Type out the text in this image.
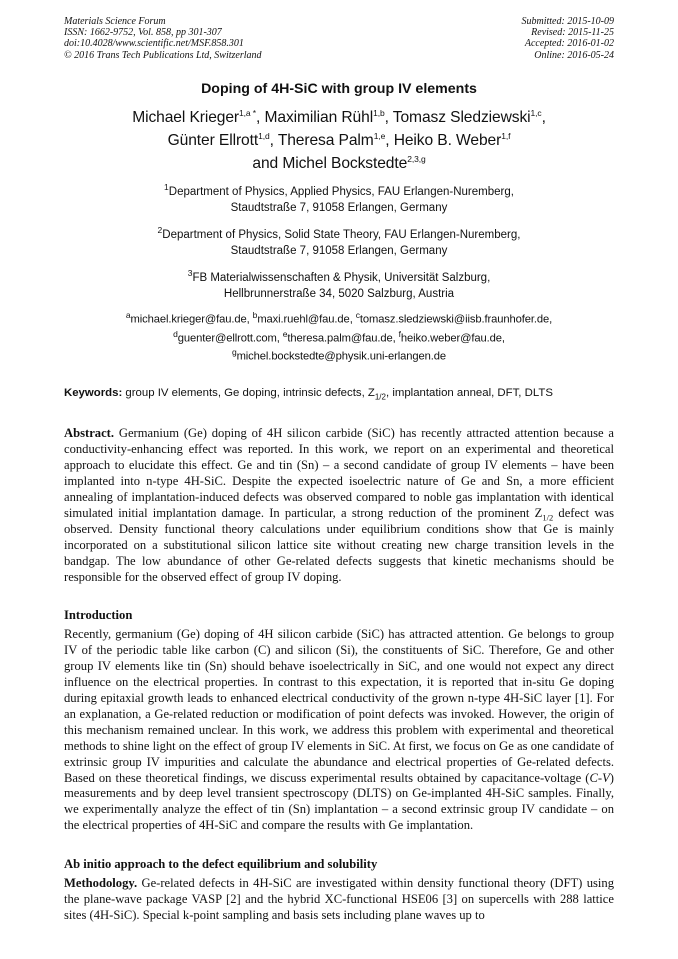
Materials Science Forum
ISSN: 1662-9752, Vol. 858, pp 301-307
doi:10.4028/www.scientific.net/MSF.858.301
© 2016 Trans Tech Publications Ltd, Switzerland
Submitted: 2015-10-09
Revised: 2015-11-25
Accepted: 2016-01-02
Online: 2016-05-24
Doping of 4H-SiC with group IV elements
Michael Krieger$^{1,a *}$, Maximilian Rühl$^{1,b}$, Tomasz Sledziewski$^{1,c}$,
Günter Ellrott$^{1,d}$, Theresa Palm$^{1,e}$, Heiko B. Weber$^{1,f}$
and Michel Bockstedte$^{2,3,g}$
$^1$Department of Physics, Applied Physics, FAU Erlangen-Nuremberg,
Staudtstraße 7, 91058 Erlangen, Germany
$^2$Department of Physics, Solid State Theory, FAU Erlangen-Nuremberg,
Staudtstraße 7, 91058 Erlangen, Germany
$^3$FB Materialwissenschaften & Physik, Universität Salzburg,
Hellbrunnerstraße 34, 5020 Salzburg, Austria
$^a$michael.krieger@fau.de, $^b$maxi.ruehl@fau.de, $^c$tomasz.sledziewski@iisb.fraunhofer.de,
$^d$guenter@ellrott.com, $^e$theresa.palm@fau.de, $^f$heiko.weber@fau.de,
$^g$michel.bockstedte@physik.uni-erlangen.de
Keywords: group IV elements, Ge doping, intrinsic defects, $Z_{1/2}$, implantation anneal, DFT, DLTS

Abstract. Germanium (Ge) doping of 4H silicon carbide (SiC) has recently attracted attention because a conductivity-enhancing effect was reported. In this work, we report on an experimental and theoretical approach to elucidate this effect. Ge and tin (Sn) – a second candidate of group IV elements – have been implanted into n-type 4H-SiC. Despite the expected isoelectric nature of Ge and Sn, a more efficient annealing of implantation-induced defects was observed compared to noble gas implantation with identical simulated initial implantation damage. In particular, a strong reduction of the prominent $Z_{1/2}$ defect was observed. Density functional theory calculations under equilibrium conditions show that Ge is mainly incorporated on a substitutional silicon lattice site without creating new charge transition levels in the bandgap. The low abundance of other Ge-related defects suggests that kinetic mechanisms should be responsible for the observed effect of group IV doping.

Introduction

Recently, germanium (Ge) doping of 4H silicon carbide (SiC) has attracted attention. Ge belongs to group IV of the periodic table like carbon (C) and silicon (Si), the constituents of SiC. Therefore, Ge and other group IV elements like tin (Sn) should behave isoelectrically in SiC, and one would not expect any direct influence on the electrical properties. In contrast to this expectation, it is reported that in-situ Ge doping during epitaxial growth leads to enhanced electrical conductivity of the grown n-type 4H-SiC layer [1]. For an explanation, a Ge-related reduction or modification of point defects was invoked. However, the origin of this mechanism remained unclear. In this work, we address this problem with experimental and theoretical methods to shine light on the effect of group IV elements in SiC. At first, we focus on Ge as one candidate of extrinsic group IV impurities and calculate the abundance and electrical properties of Ge-related defects. Based on these theoretical findings, we discuss experimental results obtained by capacitance-voltage (C-V) measurements and by deep level transient spectroscopy (DLTS) on Ge-implanted 4H-SiC samples. Finally, we experimentally analyze the effect of tin (Sn) implantation – a second extrinsic group IV candidate – on the electrical properties of 4H-SiC and compare the results with Ge implantation.

Ab initio approach to the defect equilibrium and solubility

Methodology. Ge-related defects in 4H-SiC are investigated within density functional theory (DFT) using the plane-wave package VASP [2] and the hybrid XC-functional HSE06 [3] on supercells with 288 lattice sites (4H-SiC). Special k-point sampling and basis sets including plane waves up to
